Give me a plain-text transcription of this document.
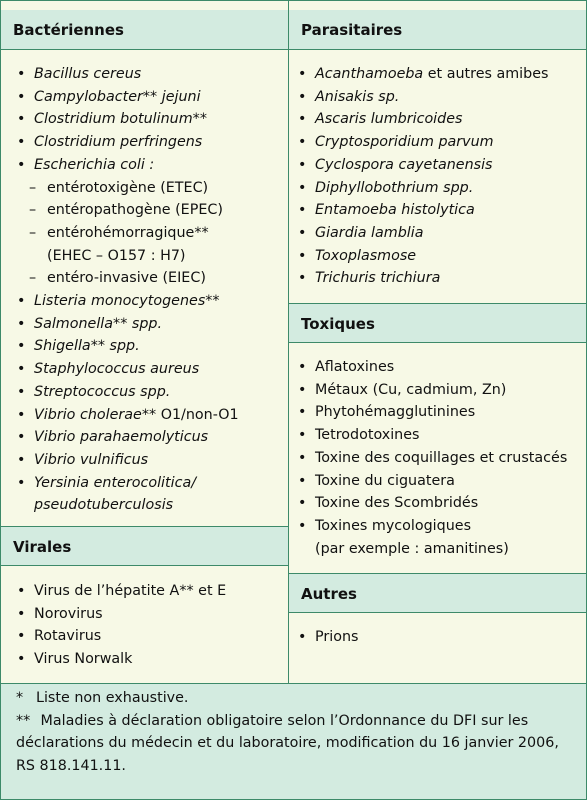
Bactériennes
• Bacillus cereus
• Campylobacter** jejuni
• Clostridium botulinum**
• Clostridium perfringens
• Escherichia coli :
– entérotoxigène (ETEC)
– entéropathogène (EPEC)
– entérohémorragique**
(EHEC – O157 : H7)
– entéro-invasive (EIEC)
• Listeria monocytogenes**
• Salmonella** spp.
• Shigella** spp.
• Staphylococcus aureus
• Streptococcus spp.
• Vibrio cholerae** O1/non-O1
• Vibrio parahaemolyticus
• Vibrio vulnificus
• Yersinia enterocolitica/
pseudotuberculosis
Virales
• Virus de l’hépatite A** et E
• Norovirus
• Rotavirus
• Virus Norwalk
Parasitaires
• Acanthamoeba et autres amibes
• Anisakis sp.
• Ascaris lumbricoides
• Cryptosporidium parvum
• Cyclospora cayetanensis
• Diphyllobothrium spp.
• Entamoeba histolytica
• Giardia lamblia
• Toxoplasmose
• Trichuris trichiura
Toxiques
• Aflatoxines
• Métaux (Cu, cadmium, Zn)
• Phytohémagglutinines
• Tetrodotoxines
• Toxine des coquillages et crustacés
• Toxine du ciguatera
• Toxine des Scombridés
• Toxines mycologiques
(par exemple : amanitines)
Autres
• Prions

* Liste non exhaustive.

** Maladies à déclaration obligatoire selon l’Ordonnance du DFI sur les déclarations du médecin et du laboratoire, modification du 16 janvier 2006, RS 818.141.11.
